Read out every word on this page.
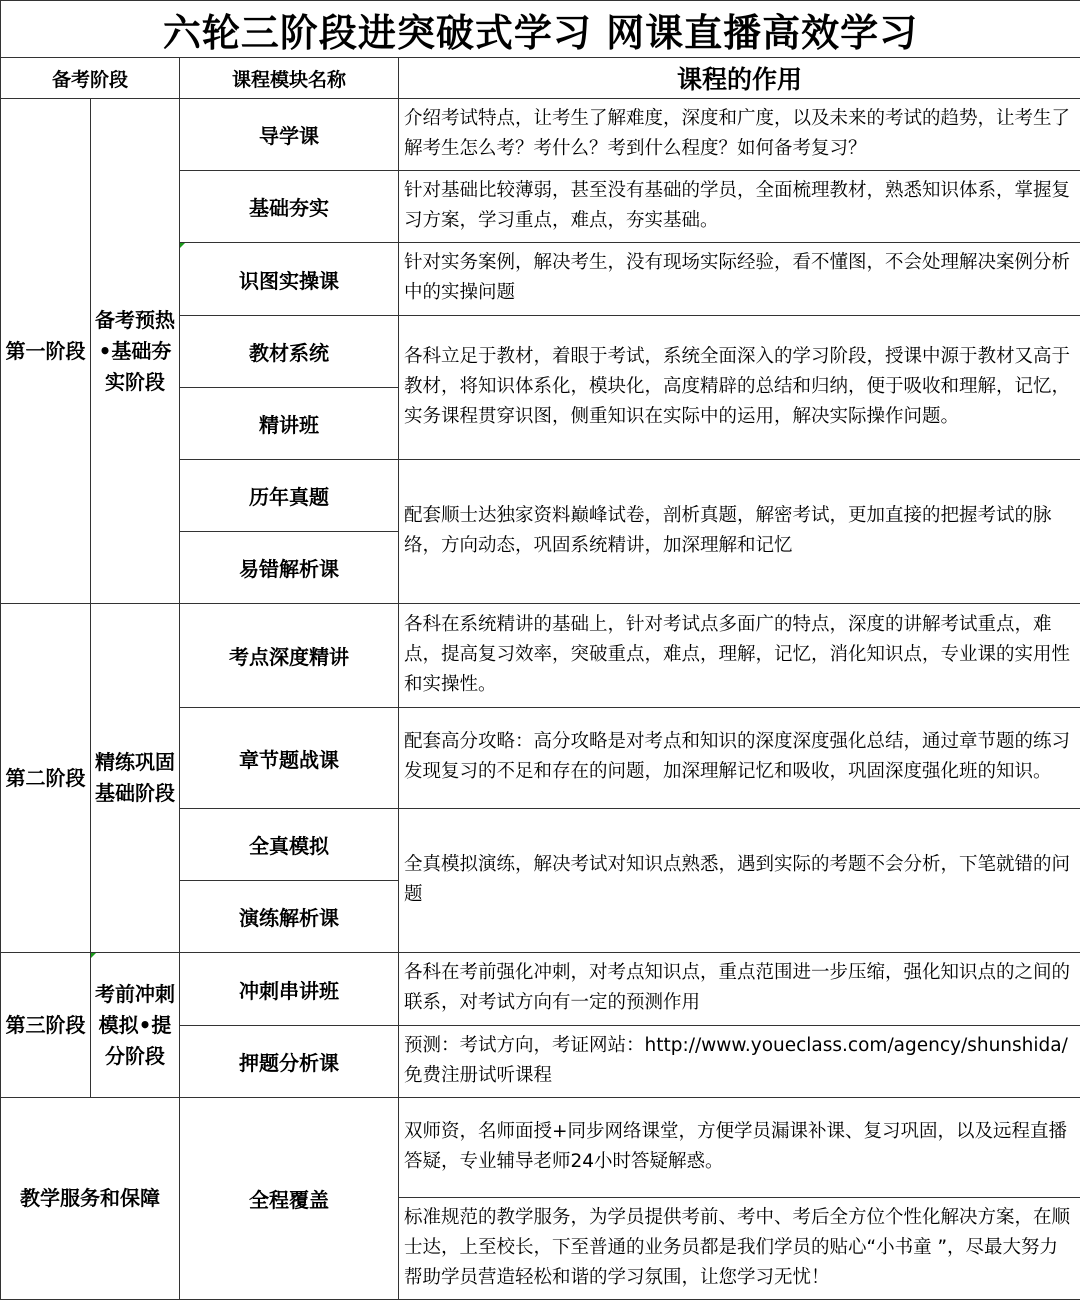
六轮三阶段进突破式学习 网课直播高效学习			
备考阶段		课程模块名称	课程的作用
第一阶段	备考预热•基础夯实阶段	导学课	介绍考试特点，让考生了解难度，深度和广度，以及未来的考试的趋势，让考生了解考生怎么考？考什么？考到什么程度？如何备考复习？
		基础夯实	针对基础比较薄弱，甚至没有基础的学员，全面梳理教材，熟悉知识体系，掌握复习方案，学习重点，难点，夯实基础。
		识图实操课	针对实务案例，解决考生，没有现场实际经验，看不懂图，不会处理解决案例分析中的实操问题
		教材系统	各科立足于教材，着眼于考试，系统全面深入的学习阶段，授课中源于教材又高于教材，将知识体系化，模块化，高度精辟的总结和归纳，便于吸收和理解，记忆，实务课程贯穿识图，侧重知识在实际中的运用，解决实际操作问题。
		精讲班	
		历年真题	配套顺士达独家资料巅峰试卷，剖析真题，解密考试，更加直接的把握考试的脉络，方向动态，巩固系统精讲，加深理解和记忆
		易错解析课	
第二阶段	精练巩固基础阶段	考点深度精讲	各科在系统精讲的基础上，针对考试点多面广的特点，深度的讲解考试重点，难点，提高复习效率，突破重点，难点，理解，记忆，消化知识点，专业课的实用性和实操性。
		章节题战课	配套高分攻略：高分攻略是对考点和知识的深度深度强化总结，通过章节题的练习发现复习的不足和存在的问题，加深理解记忆和吸收，巩固深度强化班的知识。
		全真模拟	全真模拟演练，解决考试对知识点熟悉，遇到实际的考题不会分析，下笔就错的问题
		演练解析课	
第三阶段	考前冲刺模拟•提分阶段	冲刺串讲班	各科在考前强化冲刺，对考点知识点，重点范围进一步压缩，强化知识点的之间的联系，对考试方向有一定的预测作用
		押题分析课	预测：考试方向，考证网站：http://www.youeclass.com/agency/shunshida/免费注册试听课程
教学服务和保障		全程覆盖	双师资，名师面授+同步网络课堂，方便学员漏课补课、复习巩固，以及远程直播答疑，专业辅导老师24小时答疑解惑。
			标准规范的教学服务，为学员提供考前、考中、考后全方位个性化解决方案，在顺士达，上至校长，下至普通的业务员都是我们学员的贴心“小书童 ”，尽最大努力帮助学员营造轻松和谐的学习氛围，让您学习无忧！
